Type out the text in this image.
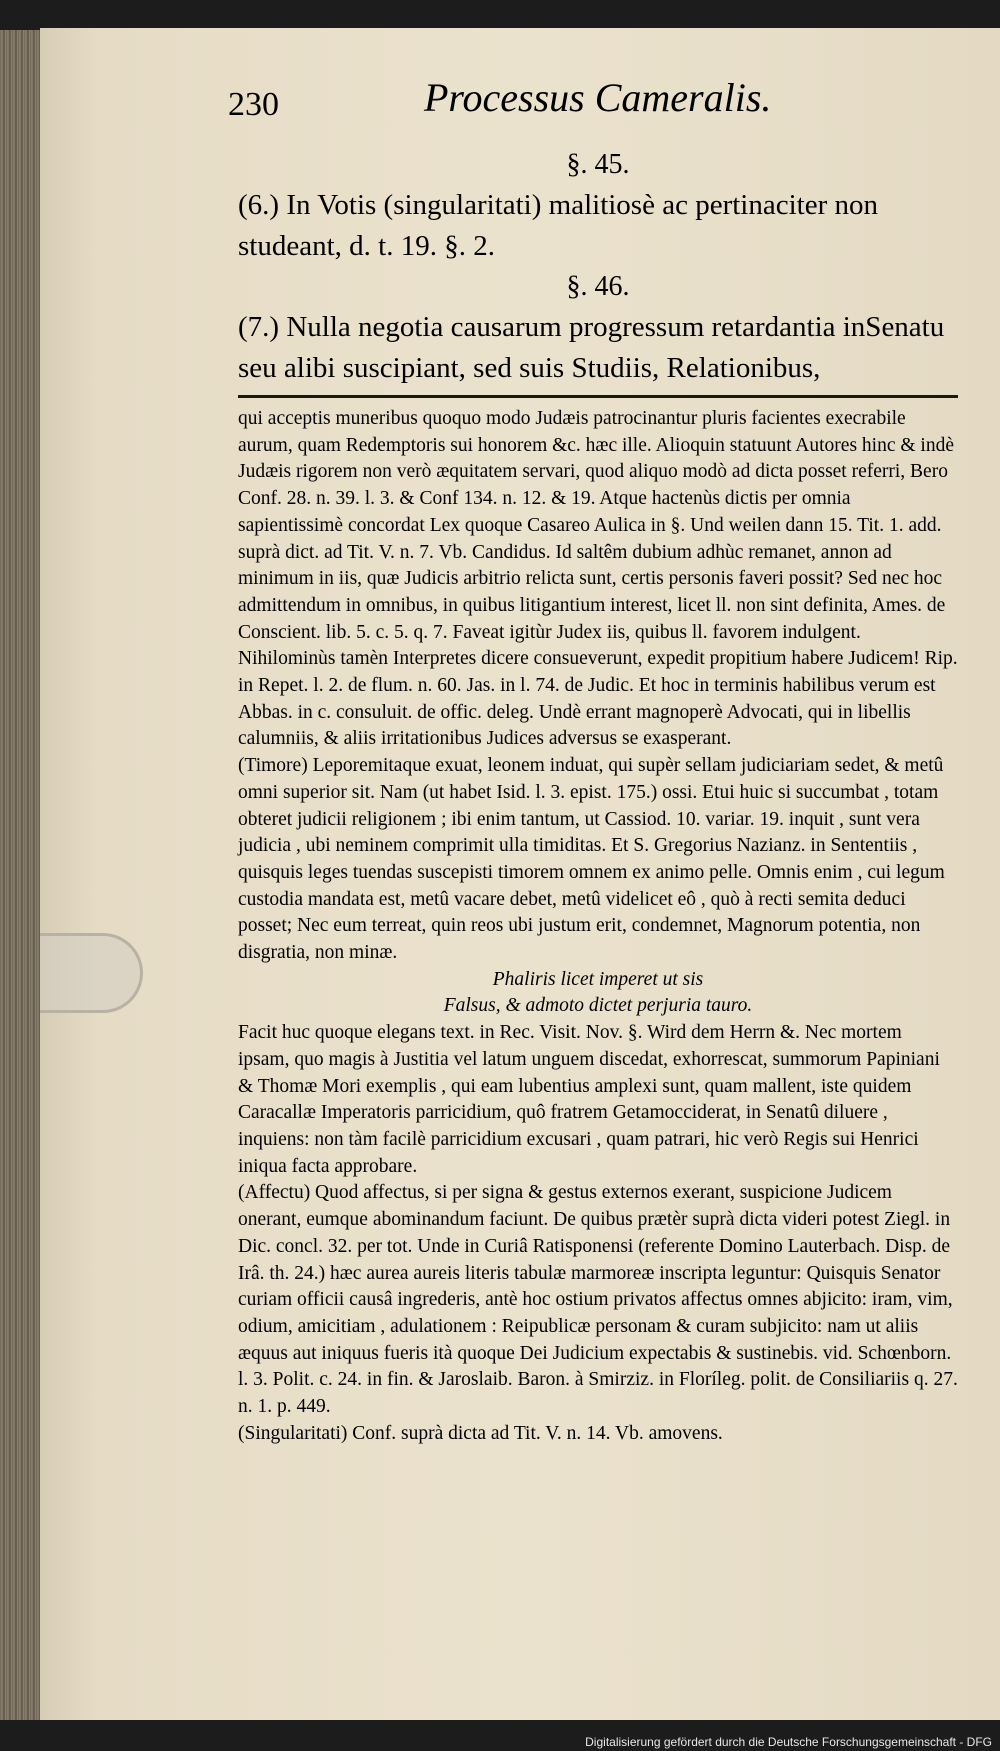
230	Processus Cameralis.

§. 45.

(6.) In Votis (singularitati) malitiosè ac pertinaciter non studeant, d. t. 19. §. 2.

§. 46.

(7.) Nulla negotia causarum progressum retardantia inSenatu seu alibi suscipiant, sed suis Studiis, Relationibus,

qui acceptis muneribus quoquo modo Judæis patrocinantur pluris facientes execrabile aurum, quam Redemptoris sui honorem &c. hæc ille. Alioquin statuunt Autores hinc & indè Judæis rigorem non verò æquitatem servari, quod aliquo modò ad dicta posset referri, Bero Conf. 28. n. 39. l. 3. & Conf 134. n. 12. & 19. Atque hactenùs dictis per omnia sapientissimè concordat Lex quoque Casareo Aulica in §. Und weilen dann 15. Tit. 1. add. suprà dict. ad Tit. V. n. 7. Vb. Candidus. Id saltêm dubium adhùc remanet, annon ad minimum in iis, quæ Judicis arbitrio relicta sunt, certis personis faveri possit? Sed nec hoc admittendum in omnibus, in quibus litigantium interest, licet ll. non sint definita, Ames. de Conscient. lib. 5. c. 5. q. 7. Faveat igitùr Judex iis, quibus ll. favorem indulgent. Nihilominùs tamèn Interpretes dicere consueverunt, expedit propitium habere Judicem! Rip. in Repet. l. 2. de flum. n. 60. Jas. in l. 74. de Judic. Et hoc in terminis habilibus verum est Abbas. in c. consuluit. de offic. deleg. Undè errant magnoperè Advocati, qui in libellis calumniis, & aliis irritationibus Judices adversus se exasperant.

(Timore) Leporemitaque exuat, leonem induat, qui supèr sellam judiciariam sedet, & metû omni superior sit. Nam (ut habet Isid. l. 3. epist. 175.) ossi. Etui huic si succumbat , totam obteret judicii religionem ; ibi enim tantum, ut Cassiod. 10. variar. 19. inquit , sunt vera judicia , ubi neminem comprimit ulla timiditas. Et S. Gregorius Nazianz. in Sententiis , quisquis leges tuendas suscepisti timorem omnem ex animo pelle. Omnis enim , cui legum custodia mandata est, metû vacare debet, metû videlicet eô , quò à recti semita deduci posset; Nec eum terreat, quin reos ubi justum erit, condemnet, Magnorum potentia, non disgratia, non minæ.

Phaliris licet imperet ut sis

Falsus, & admoto dictet perjuria tauro.

Facit huc quoque elegans text. in Rec. Visit. Nov. §. Wird dem Herrn &. Nec mortem ipsam, quo magis à Justitia vel latum unguem discedat, exhorrescat, summorum Papiniani & Thomæ Mori exemplis , qui eam lubentius amplexi sunt, quam mallent, iste quidem Caracallæ Imperatoris parricidium, quô fratrem Getamocciderat, in Senatû diluere , inquiens: non tàm facilè parricidium excusari , quam patrari, hic verò Regis sui Henrici iniqua facta approbare.

(Affectu) Quod affectus, si per signa & gestus externos exerant, suspicione Judicem onerant, eumque abominandum faciunt. De quibus prætèr suprà dicta videri potest Ziegl. in Dic. concl. 32. per tot. Unde in Curiâ Ratisponensi (referente Domino Lauterbach. Disp. de Irâ. th. 24.) hæc aurea aureis literis tabulæ marmoreæ inscripta leguntur: Quisquis Senator curiam officii causâ ingrederis, antè hoc ostium privatos affectus omnes abjicito: iram, vim, odium, amicitiam , adulationem : Reipublicæ personam & curam subjicito: nam ut aliis æquus aut iniquus fueris ità quoque Dei Judicium expectabis & sustinebis. vid. Schœnborn. l. 3. Polit. c. 24. in fin. & Jaroslaib. Baron. à Smirziz. in Floríleg. polit. de Consiliariis q. 27. n. 1. p. 449.

(Singularitati) Conf. suprà dicta ad Tit. V. n. 14. Vb. amovens.

Digitalisierung gefördert durch die Deutsche Forschungsgemeinschaft - DFG
